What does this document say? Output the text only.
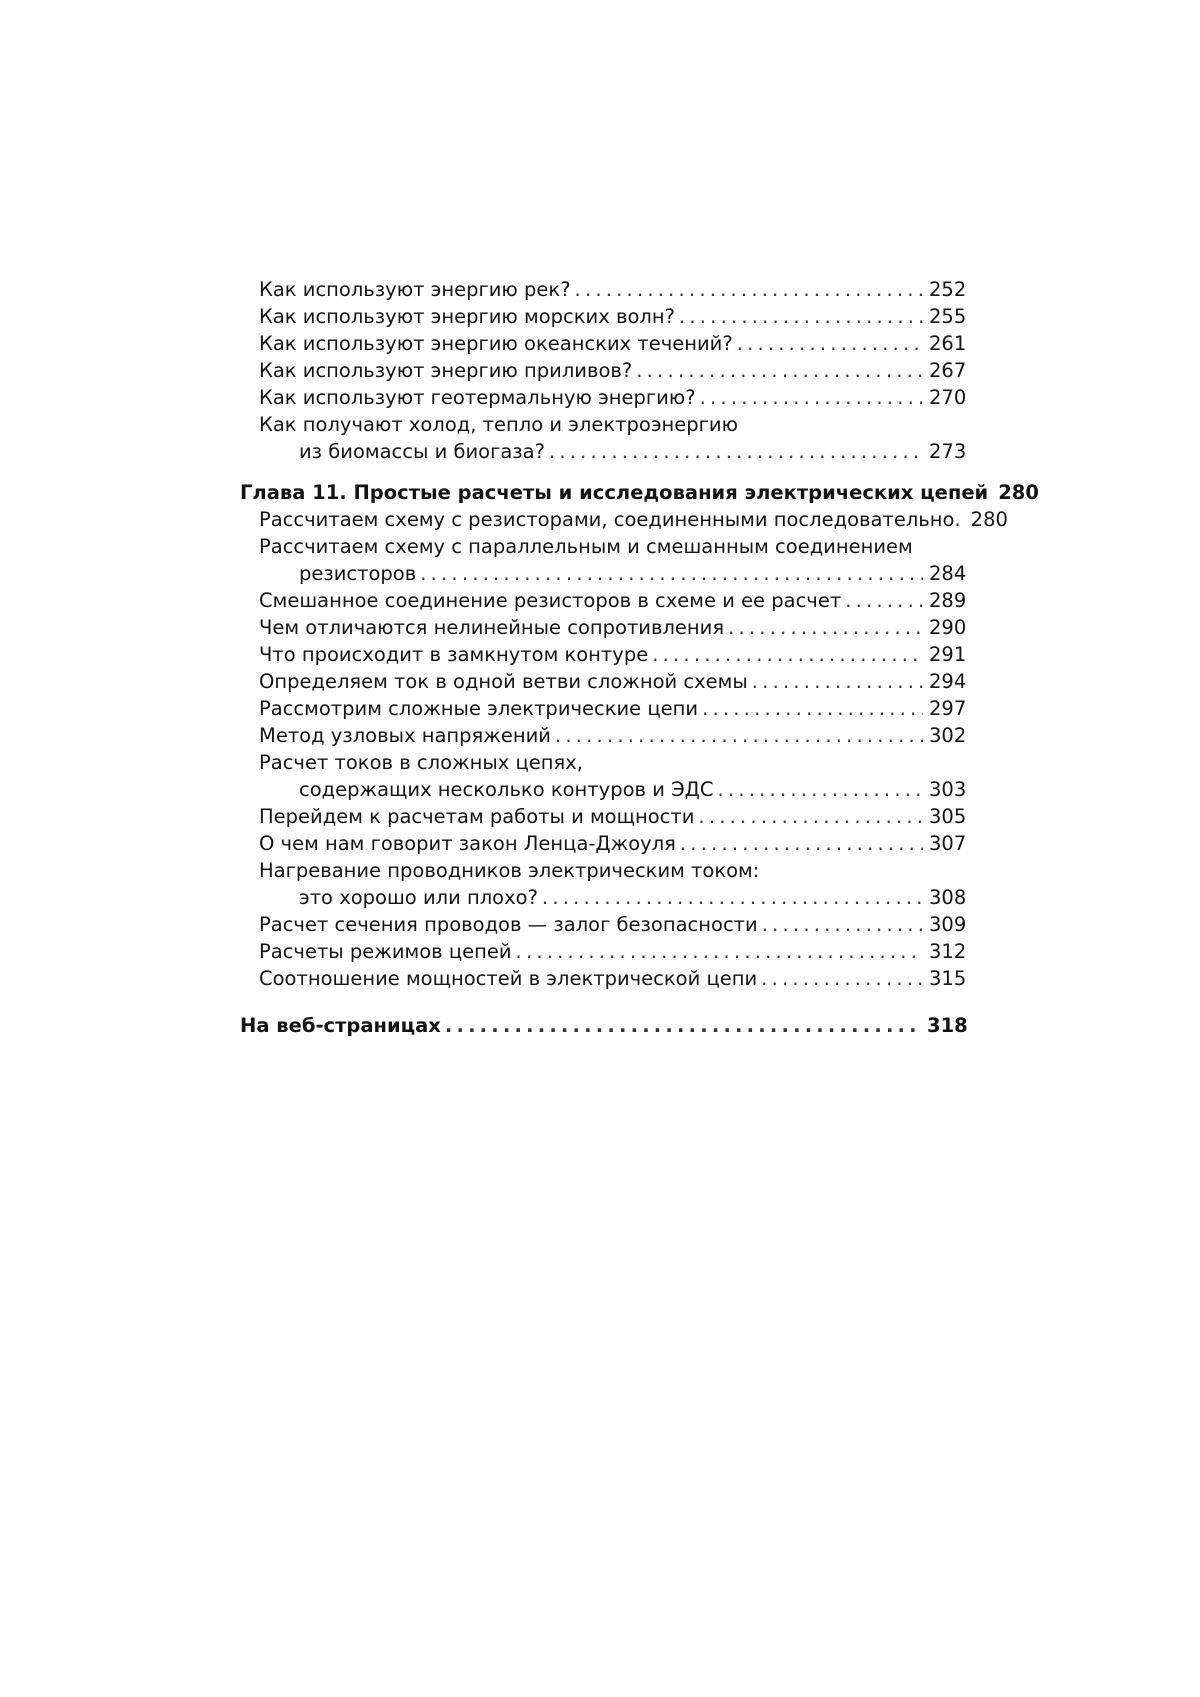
Как используют энергию рек? .....	252
Как используют энергию морских волн? .....	255
Как используют энергию океанских течений? .....	261
Как используют энергию приливов? .....	267
Как используют геотермальную энергию? .....	270
Как получают холод, тепло и электроэнергию
из биомассы и биогаза? .....	273
Глава 11. Простые расчеты и исследования электрических цепей 280
Рассчитаем схему с резисторами, соединенными последовательно. 280
Рассчитаем схему с параллельным и смешанным соединением
резисторов .....	284
Смешанное соединение резисторов в схеме и ее расчет .....	289
Чем отличаются нелинейные сопротивления .....	290
Что происходит в замкнутом контуре .....	291
Определяем ток в одной ветви сложной схемы .....	294
Рассмотрим сложные электрические цепи .....	297
Метод узловых напряжений .....	302
Расчет токов в сложных цепях,
содержащих несколько контуров и ЭДС .....	303
Перейдем к расчетам работы и мощности .....	305
О чем нам говорит закон Ленца-Джоуля .....	307
Нагревание проводников электрическим током:
это хорошо или плохо? .....	308
Расчет сечения проводов — залог безопасности .....	309
Расчеты режимов цепей .....	312
Соотношение мощностей в электрической цепи .....	315
На веб-страницах .....	318
